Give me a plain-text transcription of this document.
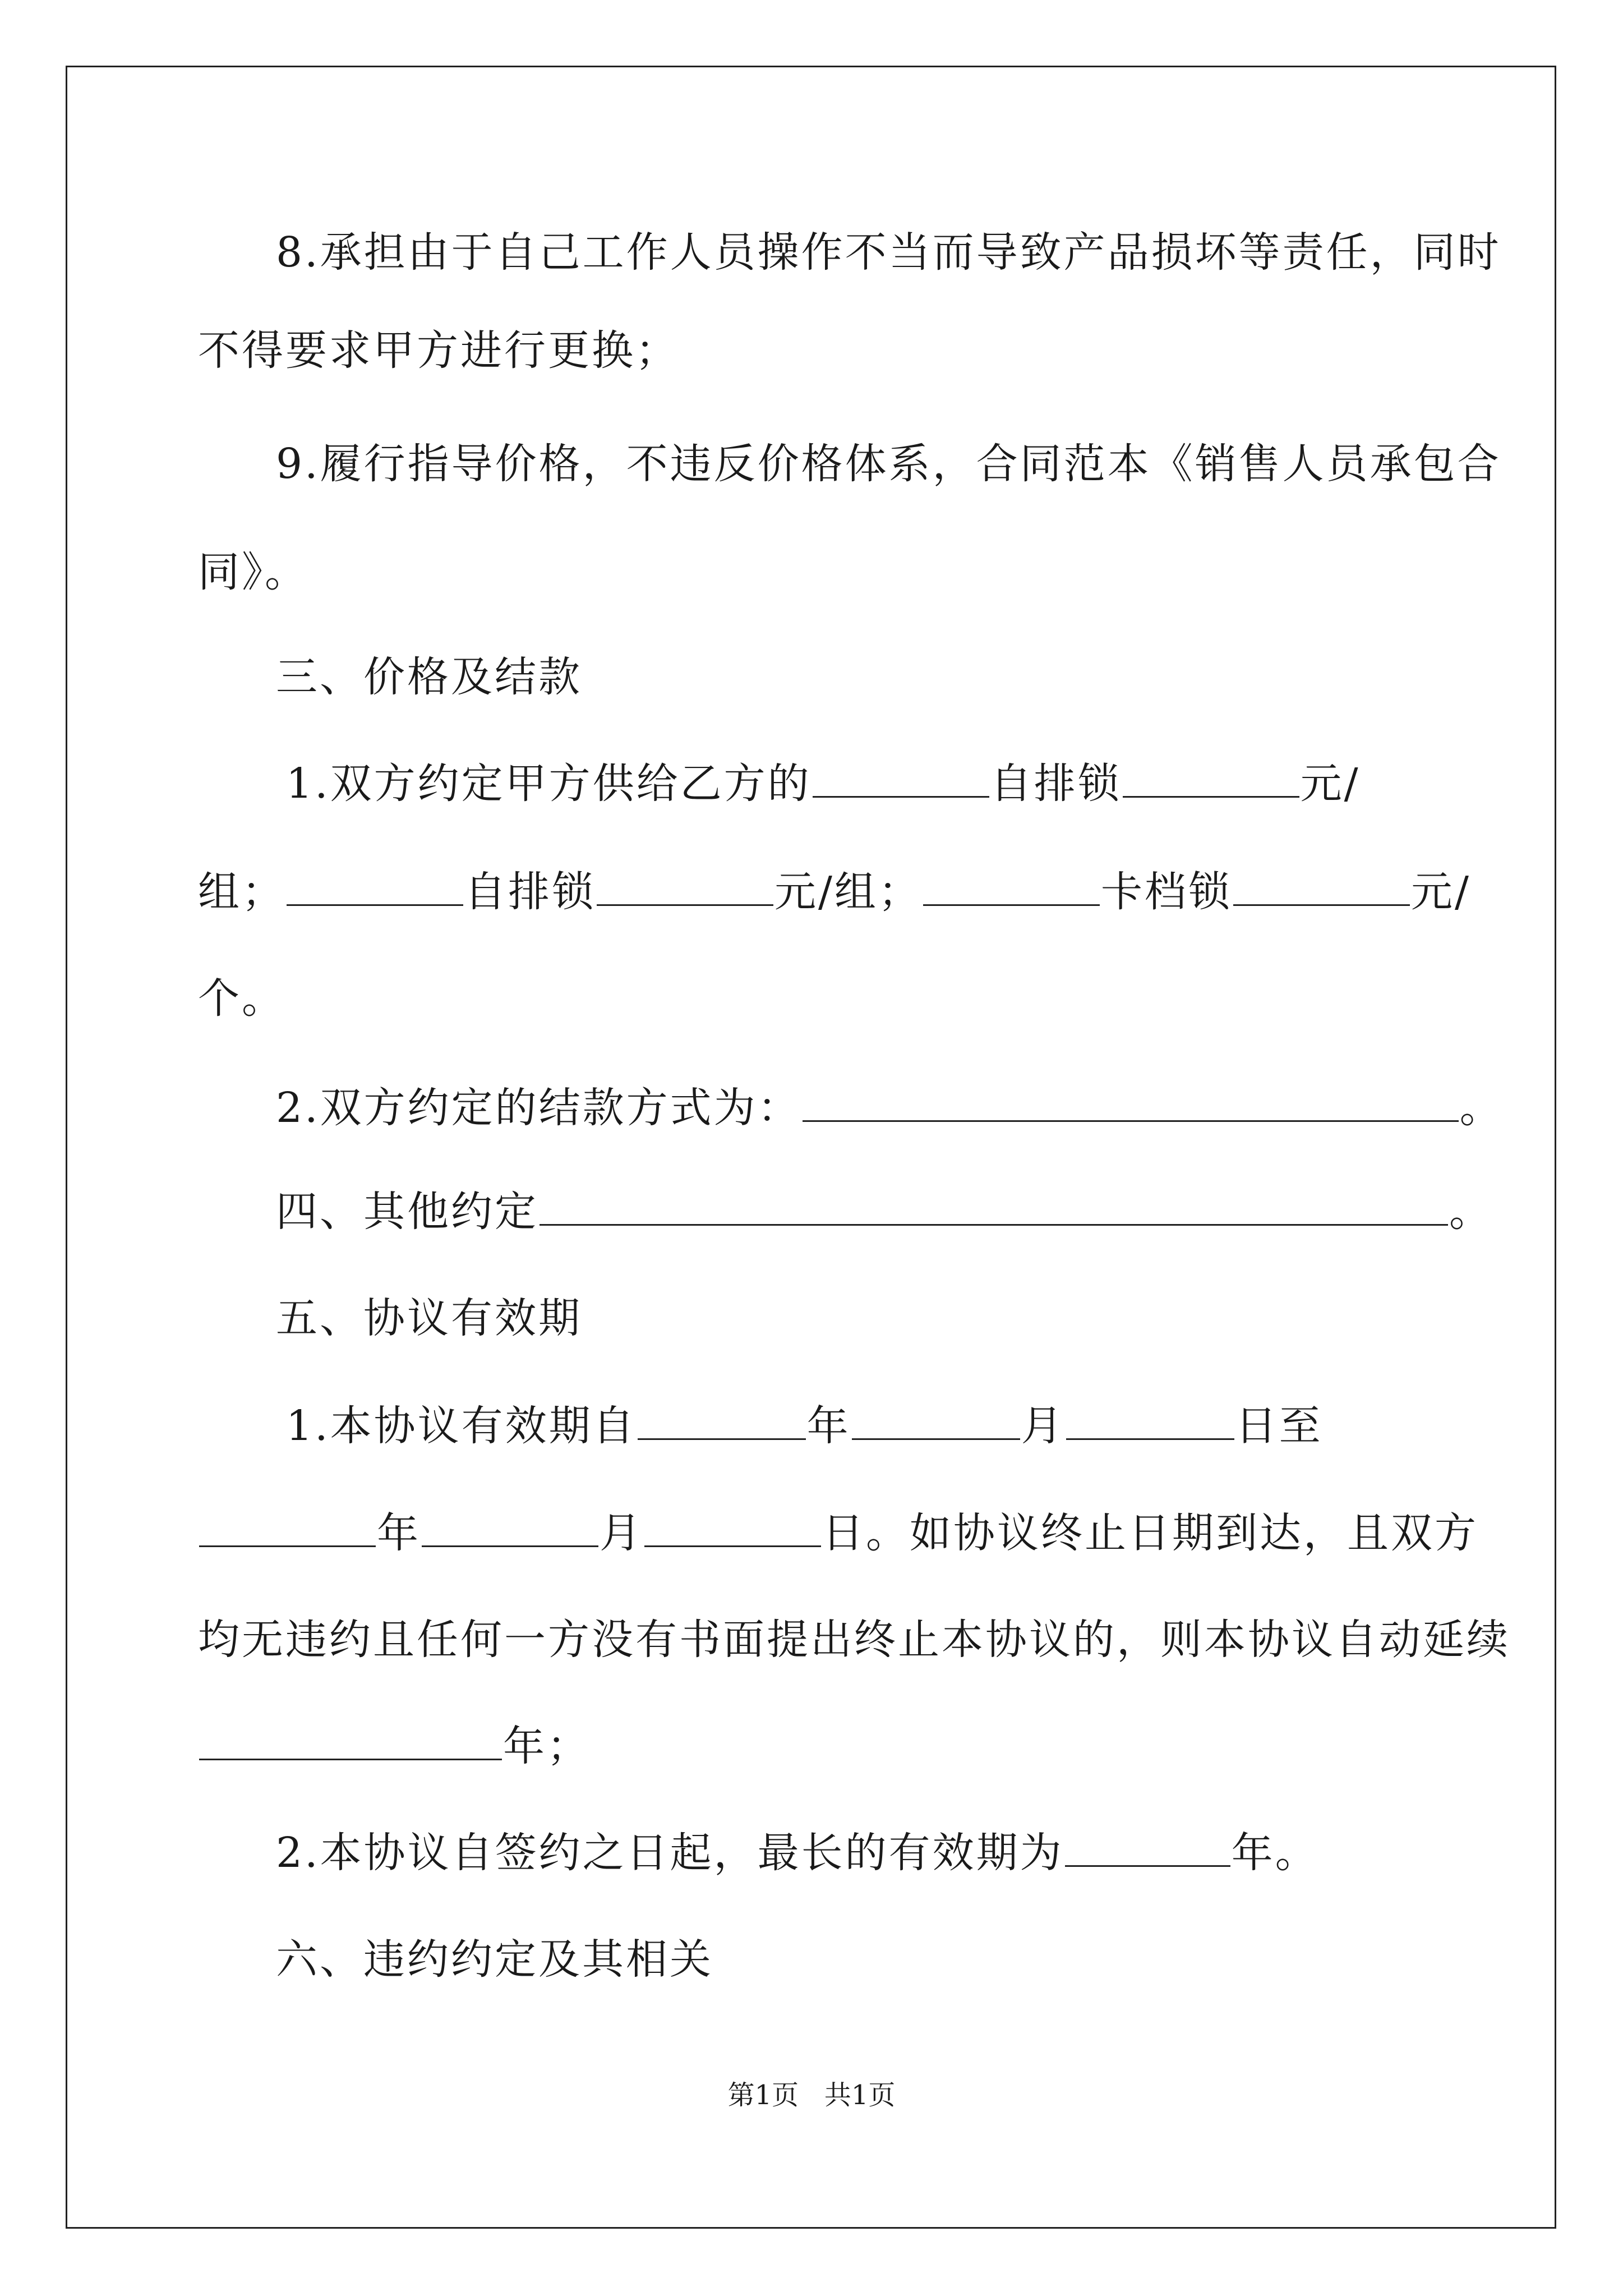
8.承担由于自己工作人员操作不当而导致产品损坏等责任，同时
不得要求甲方进行更换；
9.履行指导价格，不违反价格体系，合同范本《销售人员承包合
同》。
三、价格及结款
1.双方约定甲方供给乙方的	自排锁	元/
组；	自排锁	元/组；	卡档锁	元/
个。
2.双方约定的结款方式为：	。
四、其他约定	。
五、协议有效期
1.本协议有效期自	年	月	日至
年	月	日。如协议终止日期到达，且双方
均无违约且任何一方没有书面提出终止本协议的，则本协议自动延续
年；
2.本协议自签约之日起，最长的有效期为	年。
六、违约约定及其相关
第1页   共1页
